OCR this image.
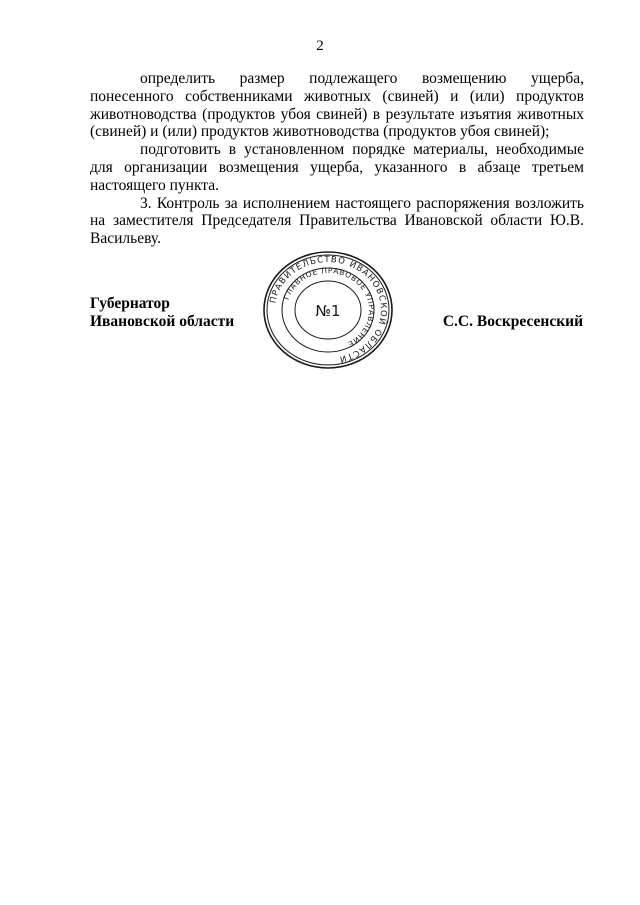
2

определить размер подлежащего возмещению ущерба, понесенного собственниками животных (свиней) и (или) продуктов животноводства (продуктов убоя свиней) в результате изъятия животных (свиней) и (или) продуктов животноводства (продуктов убоя свиней);

подготовить в установленном порядке материалы, необходимые для организации возмещения ущерба, указанного в абзаце третьем настоящего пункта.

3. Контроль за исполнением настоящего распоряжения возложить на заместителя Председателя Правительства Ивановской области Ю.В. Васильеву.

Губернатор
Ивановской области
ПРАВИТЕЛЬСТВО ИВАНОВСКОЙ ОБЛАСТИ
ГЛАВНОЕ ПРАВОВОЕ УПРАВЛЕНИЕ
№1
С.С. Воскресенский
